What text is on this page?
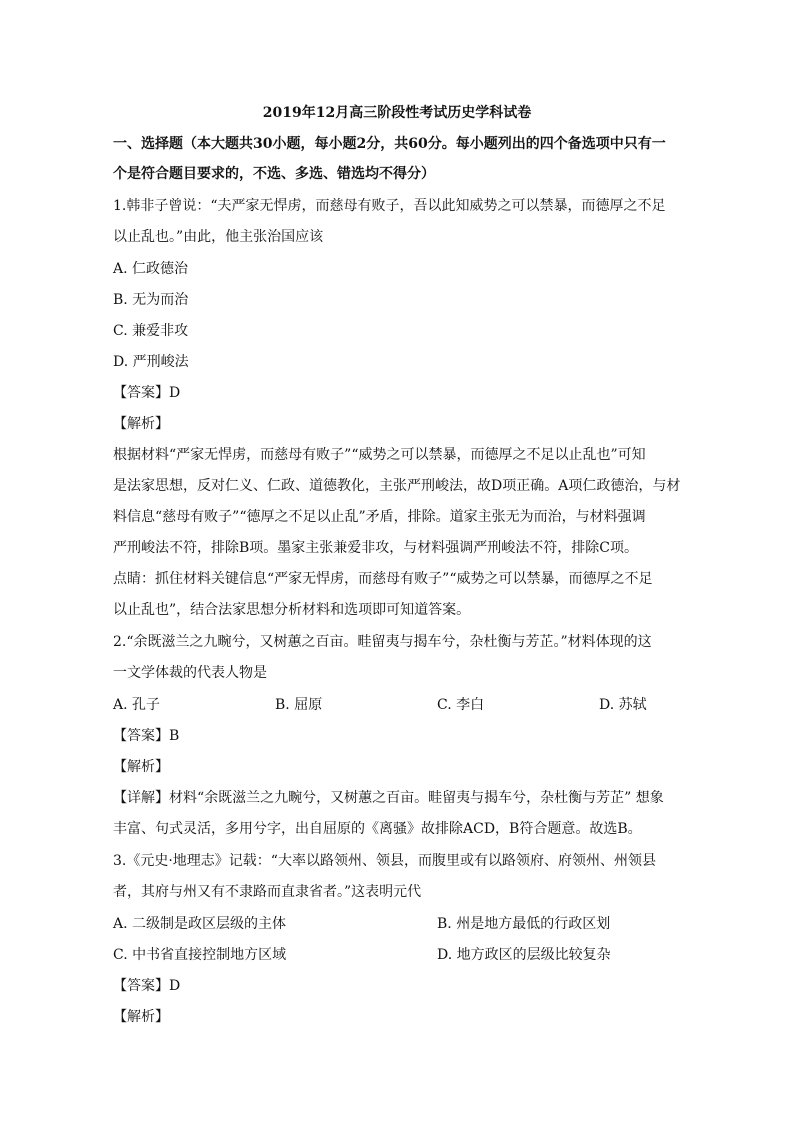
2019年12月高三阶段性考试历史学科试卷
一、选择题（本大题共30小题，每小题2分，共60分。每小题列出的四个备选项中只有一
个是符合题目要求的，不选、多选、错选均不得分）
1.韩非子曾说：“夫严家无悍虏，而慈母有败子，吾以此知威势之可以禁暴，而德厚之不足
以止乱也。”由此，他主张治国应该
A. 仁政德治
B. 无为而治
C. 兼爱非攻
D. 严刑峻法
【答案】D
【解析】
根据材料“严家无悍虏，而慈母有败子”“威势之可以禁暴，而德厚之不足以止乱也”可知
是法家思想，反对仁义、仁政、道德教化，主张严刑峻法，故D项正确。A项仁政德治，与材
料信息“慈母有败子”“德厚之不足以止乱”矛盾，排除。道家主张无为而治，与材料强调
严刑峻法不符，排除B项。墨家主张兼爱非攻，与材料强调严刑峻法不符，排除C项。
点睛：抓住材料关键信息“严家无悍虏，而慈母有败子”“威势之可以禁暴，而德厚之不足
以止乱也”，结合法家思想分析材料和选项即可知道答案。
2.“余既滋兰之九畹兮，又树蕙之百亩。畦留夷与揭车兮，杂杜衡与芳芷。”材料体现的这
一文学体裁的代表人物是
A. 孔子	B. 屈原	C. 李白	D. 苏轼
【答案】B
【解析】
【详解】材料“余既滋兰之九畹兮，又树蕙之百亩。畦留夷与揭车兮，杂杜衡与芳芷” 想象
丰富、句式灵活，多用兮字，出自屈原的《离骚》故排除ACD，B符合题意。故选B。
3.《元史·地理志》记载：“大率以路领州、领县，而腹里或有以路领府、府领州、州领县
者，其府与州又有不隶路而直隶省者。”这表明元代
A. 二级制是政区层级的主体	B. 州是地方最低的行政区划
C. 中书省直接控制地方区域	D. 地方政区的层级比较复杂
【答案】D
【解析】
